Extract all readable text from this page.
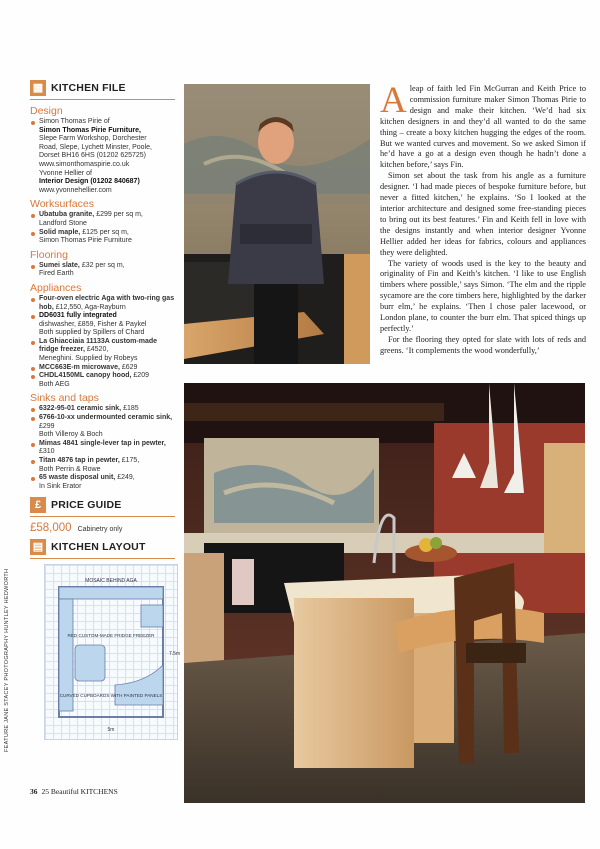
▦ KITCHEN FILE
Design
Simon Thomas Pirie of
Simon Thomas Pirie Furniture,
Slepe Farm Workshop, Dorchester
Road, Slepe, Lychett Minster, Poole,
Dorset BH16 6HS (01202 625725)
www.simonthomaspirie.co.uk
Yvonne Hellier of
Interior Design (01202 840687)
www.yvonnehellier.com
Worksurfaces
Ubatuba granite, £299 per sq m,
Landford Stone
Solid maple, £125 per sq m,
Simon Thomas Pirie Furniture
Flooring
Sumei slate, £32 per sq m,
Fired Earth
Appliances
Four-oven electric Aga with two-ring gas hob, £12,550, Aga-Rayburn
DD6031 fully integrated
dishwasher, £859, Fisher & Paykel
Both supplied by Spillers of Chard
La Ghiacciaia 11133A custom-made fridge freezer, £4520,
Meneghini. Supplied by Robeys
MCC663E-m microwave, £629
CHDL4150ML canopy hood, £209
Both AEG
Sinks and taps
6322-95-01 ceramic sink, £185
6766-10-xx undermounted ceramic sink, £299
Both Villeroy & Boch
Mimas 4841 single-lever tap in pewter, £310
Titan 4876 tap in pewter, £175,
Both Perrin & Rowe
65 waste disposal unit, £249,
In Sink Erator
£ PRICE GUIDE
£58,000 Cabinetry only
▤ KITCHEN LAYOUT
MOSAIC BEHIND AGA
RED CUSTOM-MADE FRIDGE FREEZER
CURVED CUPBOARDS WITH PAINTED PANELS
5m
7.5m
FEATURE JANE STACEY PHOTOGRAPHY HUNTLEY HEDWORTH
36 25 Beautiful KITCHENS
A leap of faith led Fin McGurran and Keith Price to commission furniture maker Simon Thomas Pirie to design and make their kitchen. ‘We’d had six kitchen designers in and they’d all wanted to do the same thing – create a boxy kitchen hugging the edges of the room. But we wanted curves and movement. So we asked Simon if he’d have a go at a design even though he hadn’t done a kitchen before,’ says Fin.

Simon set about the task from his angle as a furniture designer. ‘I had made pieces of bespoke furniture before, but never a fitted kitchen,’ he explains. ‘So I looked at the interior architecture and designed some free-standing pieces to bring out its best features.’ Fin and Keith fell in love with the designs instantly and when interior designer Yvonne Hellier added her ideas for fabrics, colours and appliances they were delighted.

The variety of woods used is the key to the beauty and originality of Fin and Keith’s kitchen. ‘I like to use English timbers where possible,’ says Simon. ‘The elm and the ripple sycamore are the core timbers here, highlighted by the darker burr elm,’ he explains. ‘Then I chose paler lacewood, or London plane, to counter the burr elm. That spiced things up perfectly.’

For the flooring they opted for slate with lots of reds and greens. ‘It complements the wood wonderfully,’
